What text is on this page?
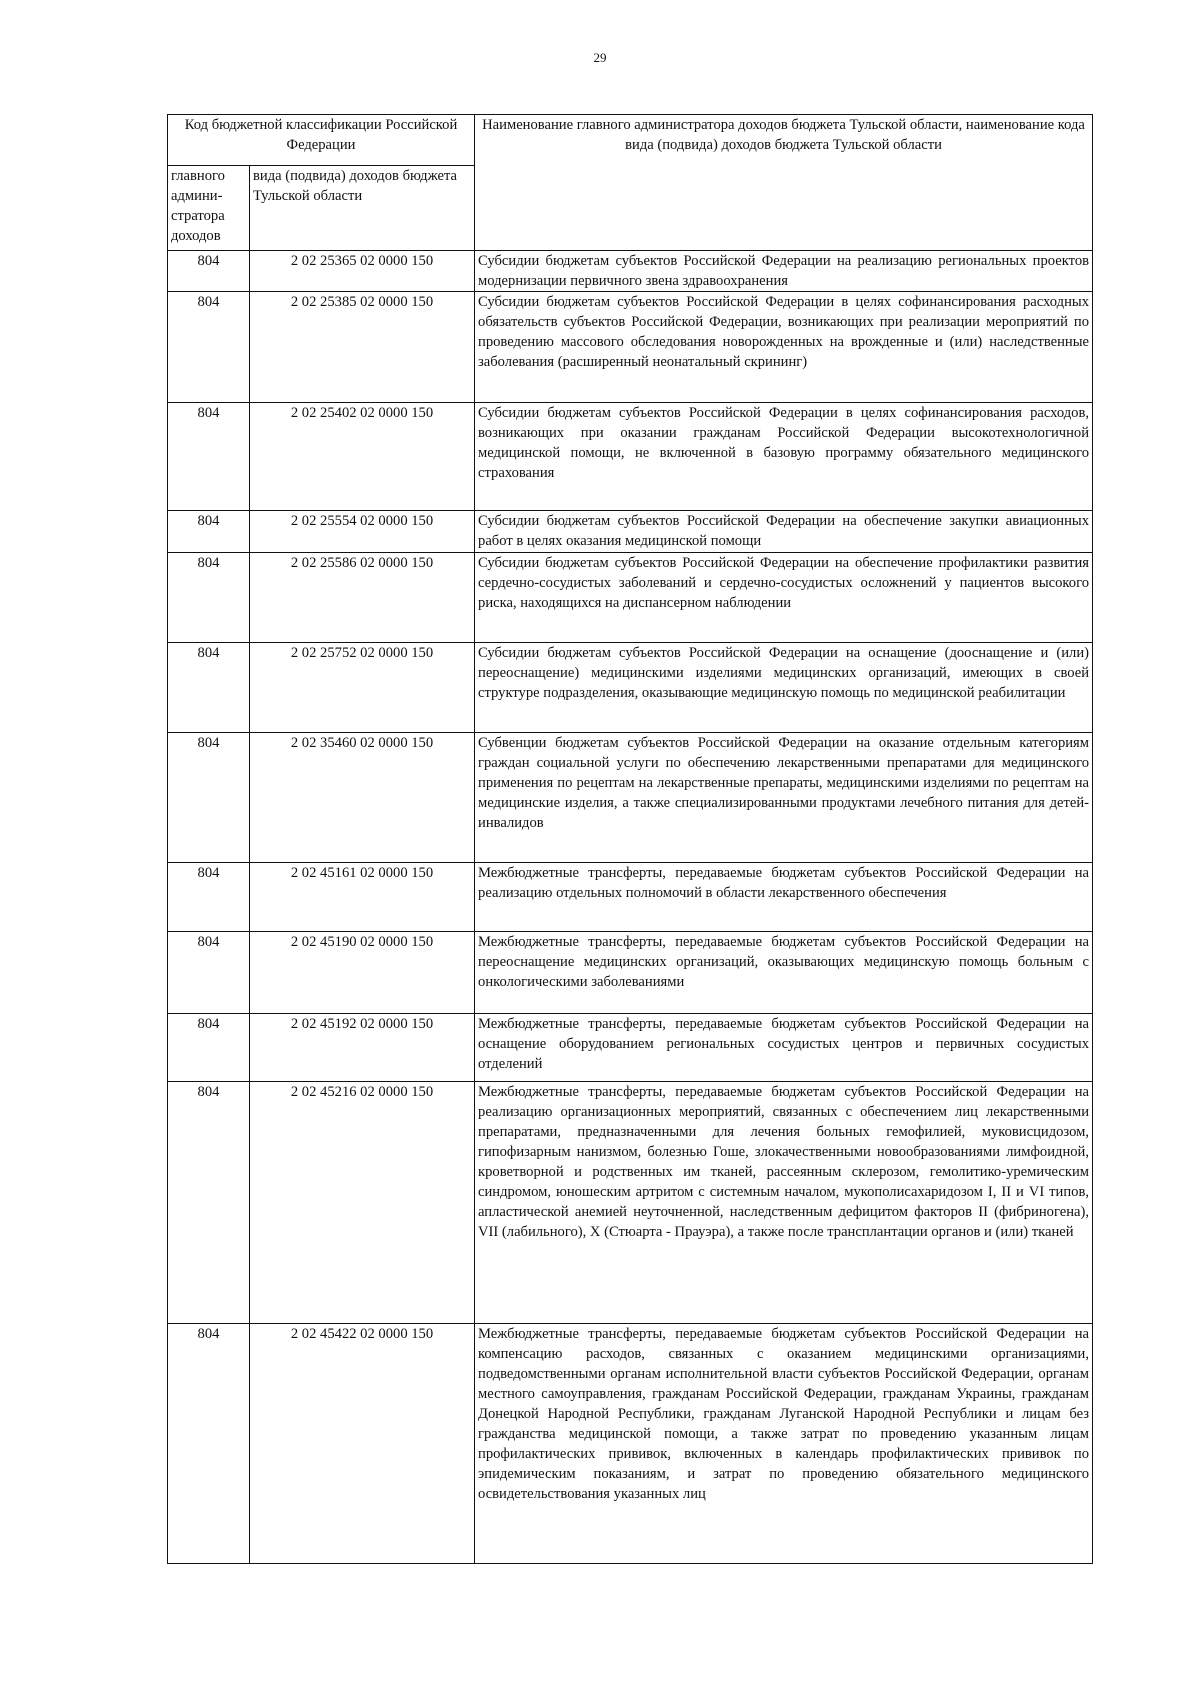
29
Код бюджетной классификации Российской Федерации		Наименование главного администратора доходов бюджета Тульской области, наименование кода вида (подвида) доходов бюджета Тульской области
главного админи-стратора доходов	вида (подвида) доходов бюджета Тульской области	
804	2 02 25365 02 0000 150	Субсидии бюджетам субъектов Российской Федерации на реализацию региональных проектов модернизации первичного звена здравоохранения
804	2 02 25385 02 0000 150	Субсидии бюджетам субъектов Российской Федерации в целях софинансирования расходных обязательств субъектов Российской Федерации, возникающих при реализации мероприятий по проведению массового обследования новорожденных на врожденные и (или) наследственные заболевания (расширенный неонатальный скрининг)
804	2 02 25402 02 0000 150	Субсидии бюджетам субъектов Российской Федерации в целях софинансирования расходов, возникающих при оказании гражданам Российской Федерации высокотехнологичной медицинской помощи, не включенной в базовую программу обязательного медицинского страхования
804	2 02 25554 02 0000 150	Субсидии бюджетам субъектов Российской Федерации на обеспечение закупки авиационных работ в целях оказания медицинской помощи
804	2 02 25586 02 0000 150	Субсидии бюджетам субъектов Российской Федерации на обеспечение профилактики развития сердечно-сосудистых заболеваний и сердечно-сосудистых осложнений у пациентов высокого риска, находящихся на диспансерном наблюдении
804	2 02 25752 02 0000 150	Субсидии бюджетам субъектов Российской Федерации на оснащение (дооснащение и (или) переоснащение) медицинскими изделиями медицинских организаций, имеющих в своей структуре подразделения, оказывающие медицинскую помощь по медицинской реабилитации
804	2 02 35460 02 0000 150	Субвенции бюджетам субъектов Российской Федерации на оказание отдельным категориям граждан социальной услуги по обеспечению лекарственными препаратами для медицинского применения по рецептам на лекарственные препараты, медицинскими изделиями по рецептам на медицинские изделия, а также специализированными продуктами лечебного питания для детей-инвалидов
804	2 02 45161 02 0000 150	Межбюджетные трансферты, передаваемые бюджетам субъектов Российской Федерации на реализацию отдельных полномочий в области лекарственного обеспечения
804	2 02 45190 02 0000 150	Межбюджетные трансферты, передаваемые бюджетам субъектов Российской Федерации на переоснащение медицинских организаций, оказывающих медицинскую помощь больным с онкологическими заболеваниями
804	2 02 45192 02 0000 150	Межбюджетные трансферты, передаваемые бюджетам субъектов Российской Федерации на оснащение оборудованием региональных сосудистых центров и первичных сосудистых отделений
804	2 02 45216 02 0000 150	Межбюджетные трансферты, передаваемые бюджетам субъектов Российской Федерации на реализацию организационных мероприятий, связанных с обеспечением лиц лекарственными препаратами, предназначенными для лечения больных гемофилией, муковисцидозом, гипофизарным нанизмом, болезнью Гоше, злокачественными новообразованиями лимфоидной, кроветворной и родственных им тканей, рассеянным склерозом, гемолитико-уремическим синдромом, юношеским артритом с системным началом, мукополисахаридозом I, II и VI типов, апластической анемией неуточненной, наследственным дефицитом факторов II (фибриногена), VII (лабильного), X (Стюарта - Прауэра), а также после трансплантации органов и (или) тканей
804	2 02 45422 02 0000 150	Межбюджетные трансферты, передаваемые бюджетам субъектов Российской Федерации на компенсацию расходов, связанных с оказанием медицинскими организациями, подведомственными органам исполнительной власти субъектов Российской Федерации, органам местного самоуправления, гражданам Российской Федерации, гражданам Украины, гражданам Донецкой Народной Республики, гражданам Луганской Народной Республики и лицам без гражданства медицинской помощи, а также затрат по проведению указанным лицам профилактических прививок, включенных в календарь профилактических прививок по эпидемическим показаниям, и затрат по проведению обязательного медицинского освидетельствования указанных лиц
